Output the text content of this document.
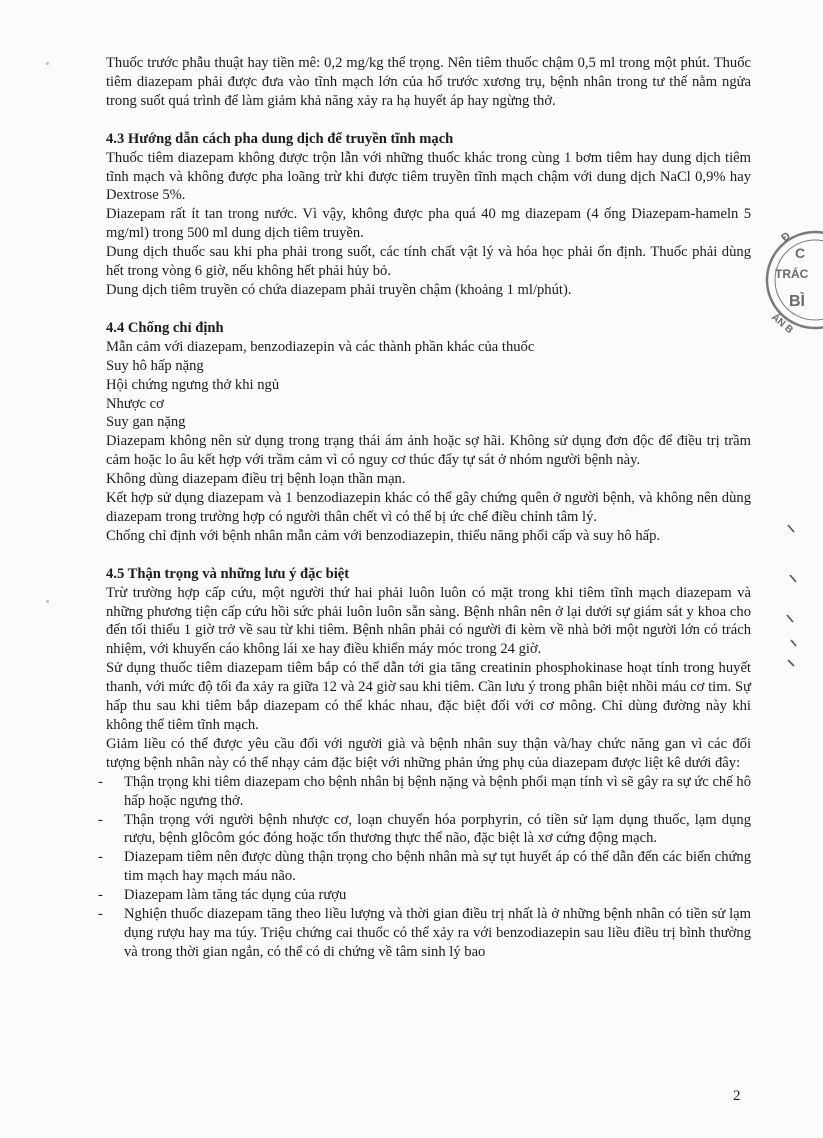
Thuốc trước phẫu thuật hay tiền mê: 0,2 mg/kg thể trọng. Nên tiêm thuốc chậm 0,5 ml trong một phút. Thuốc tiêm diazepam phải được đưa vào tĩnh mạch lớn của hố trước xương trụ, bệnh nhân trong tư thế nằm ngửa trong suốt quá trình để làm giảm khả năng xảy ra hạ huyết áp hay ngừng thở.

4.3 Hướng dẫn cách pha dung dịch để truyền tĩnh mạch

Thuốc tiêm diazepam không được trộn lẫn với những thuốc khác trong cùng 1 bơm tiêm hay dung dịch tiêm tĩnh mạch và không được pha loãng trừ khi được tiêm truyền tĩnh mạch chậm với dung dịch NaCl 0,9% hay Dextrose 5%.

Diazepam rất ít tan trong nước. Vì vậy, không được pha quá 40 mg diazepam (4 ống Diazepam-hameln 5 mg/ml) trong 500 ml dung dịch tiêm truyền.

Dung dịch thuốc sau khi pha phải trong suốt, các tính chất vật lý và hóa học phải ổn định. Thuốc phải dùng hết trong vòng 6 giờ, nếu không hết phải hủy bỏ.

Dung dịch tiêm truyền có chứa diazepam phải truyền chậm (khoảng 1 ml/phút).

4.4 Chống chỉ định

Mẫn cảm với diazepam, benzodiazepin và các thành phần khác của thuốc

Suy hô hấp nặng

Hội chứng ngưng thở khi ngủ

Nhược cơ

Suy gan nặng

Diazepam không nên sử dụng trong trạng thái ám ảnh hoặc sợ hãi. Không sử dụng đơn độc để điều trị trầm cảm hoặc lo âu kết hợp với trầm cảm vì có nguy cơ thúc đẩy tự sát ở nhóm người bệnh này.

Không dùng diazepam điều trị bệnh loạn thần mạn.

Kết hợp sử dụng diazepam và 1 benzodiazepin khác có thể gây chứng quên ở người bệnh, và không nên dùng diazepam trong trường hợp có người thân chết vì có thể bị ức chế điều chỉnh tâm lý.

Chống chỉ định với bệnh nhân mẫn cảm với benzodiazepin, thiểu năng phổi cấp và suy hô hấp.

4.5 Thận trọng và những lưu ý đặc biệt

Trừ trường hợp cấp cứu, một người thứ hai phải luôn luôn có mặt trong khi tiêm tĩnh mạch diazepam và những phương tiện cấp cứu hồi sức phải luôn luôn sẵn sàng. Bệnh nhân nên ở lại dưới sự giám sát y khoa cho đến tối thiểu 1 giờ trở về sau từ khi tiêm. Bệnh nhân phải có người đi kèm về nhà bởi một người lớn có trách nhiệm, với khuyến cáo không lái xe hay điều khiển máy móc trong 24 giờ.

Sử dụng thuốc tiêm diazepam tiêm bắp có thể dẫn tới gia tăng creatinin phosphokinase hoạt tính trong huyết thanh, với mức độ tối đa xảy ra giữa 12 và 24 giờ sau khi tiêm. Cần lưu ý trong phân biệt nhồi máu cơ tim. Sự hấp thu sau khi tiêm bắp diazepam có thể khác nhau, đặc biệt đối với cơ mông. Chỉ dùng đường này khi không thể tiêm tĩnh mạch.

Giảm liều có thể được yêu cầu đối với người già và bệnh nhân suy thận và/hay chức năng gan vì các đối tượng bệnh nhân này có thể nhạy cảm đặc biệt với những phản ứng phụ của diazepam được liệt kê dưới đây:

- Thận trọng khi tiêm diazepam cho bệnh nhân bị bệnh nặng và bệnh phổi mạn tính vì sẽ gây ra sự ức chế hô hấp hoặc ngưng thở.
- Thận trọng với người bệnh nhược cơ, loạn chuyển hóa porphyrin, có tiền sử lạm dụng thuốc, lạm dụng rượu, bệnh glôcôm góc đóng hoặc tổn thương thực thể não, đặc biệt là xơ cứng động mạch.
- Diazepam tiêm nên được dùng thận trọng cho bệnh nhân mà sự tụt huyết áp có thể dẫn đến các biến chứng tim mạch hay mạch máu não.
- Diazepam làm tăng tác dụng của rượu
- Nghiện thuốc diazepam tăng theo liều lượng và thời gian điều trị nhất là ở những bệnh nhân có tiền sử lạm dụng rượu hay ma túy. Triệu chứng cai thuốc có thể xảy ra với benzodiazepin sau liều điều trị bình thường và trong thời gian ngắn, có thể có di chứng về tâm sinh lý bao
2
Đ
C
TRÁC
BÌ
ẢN B
